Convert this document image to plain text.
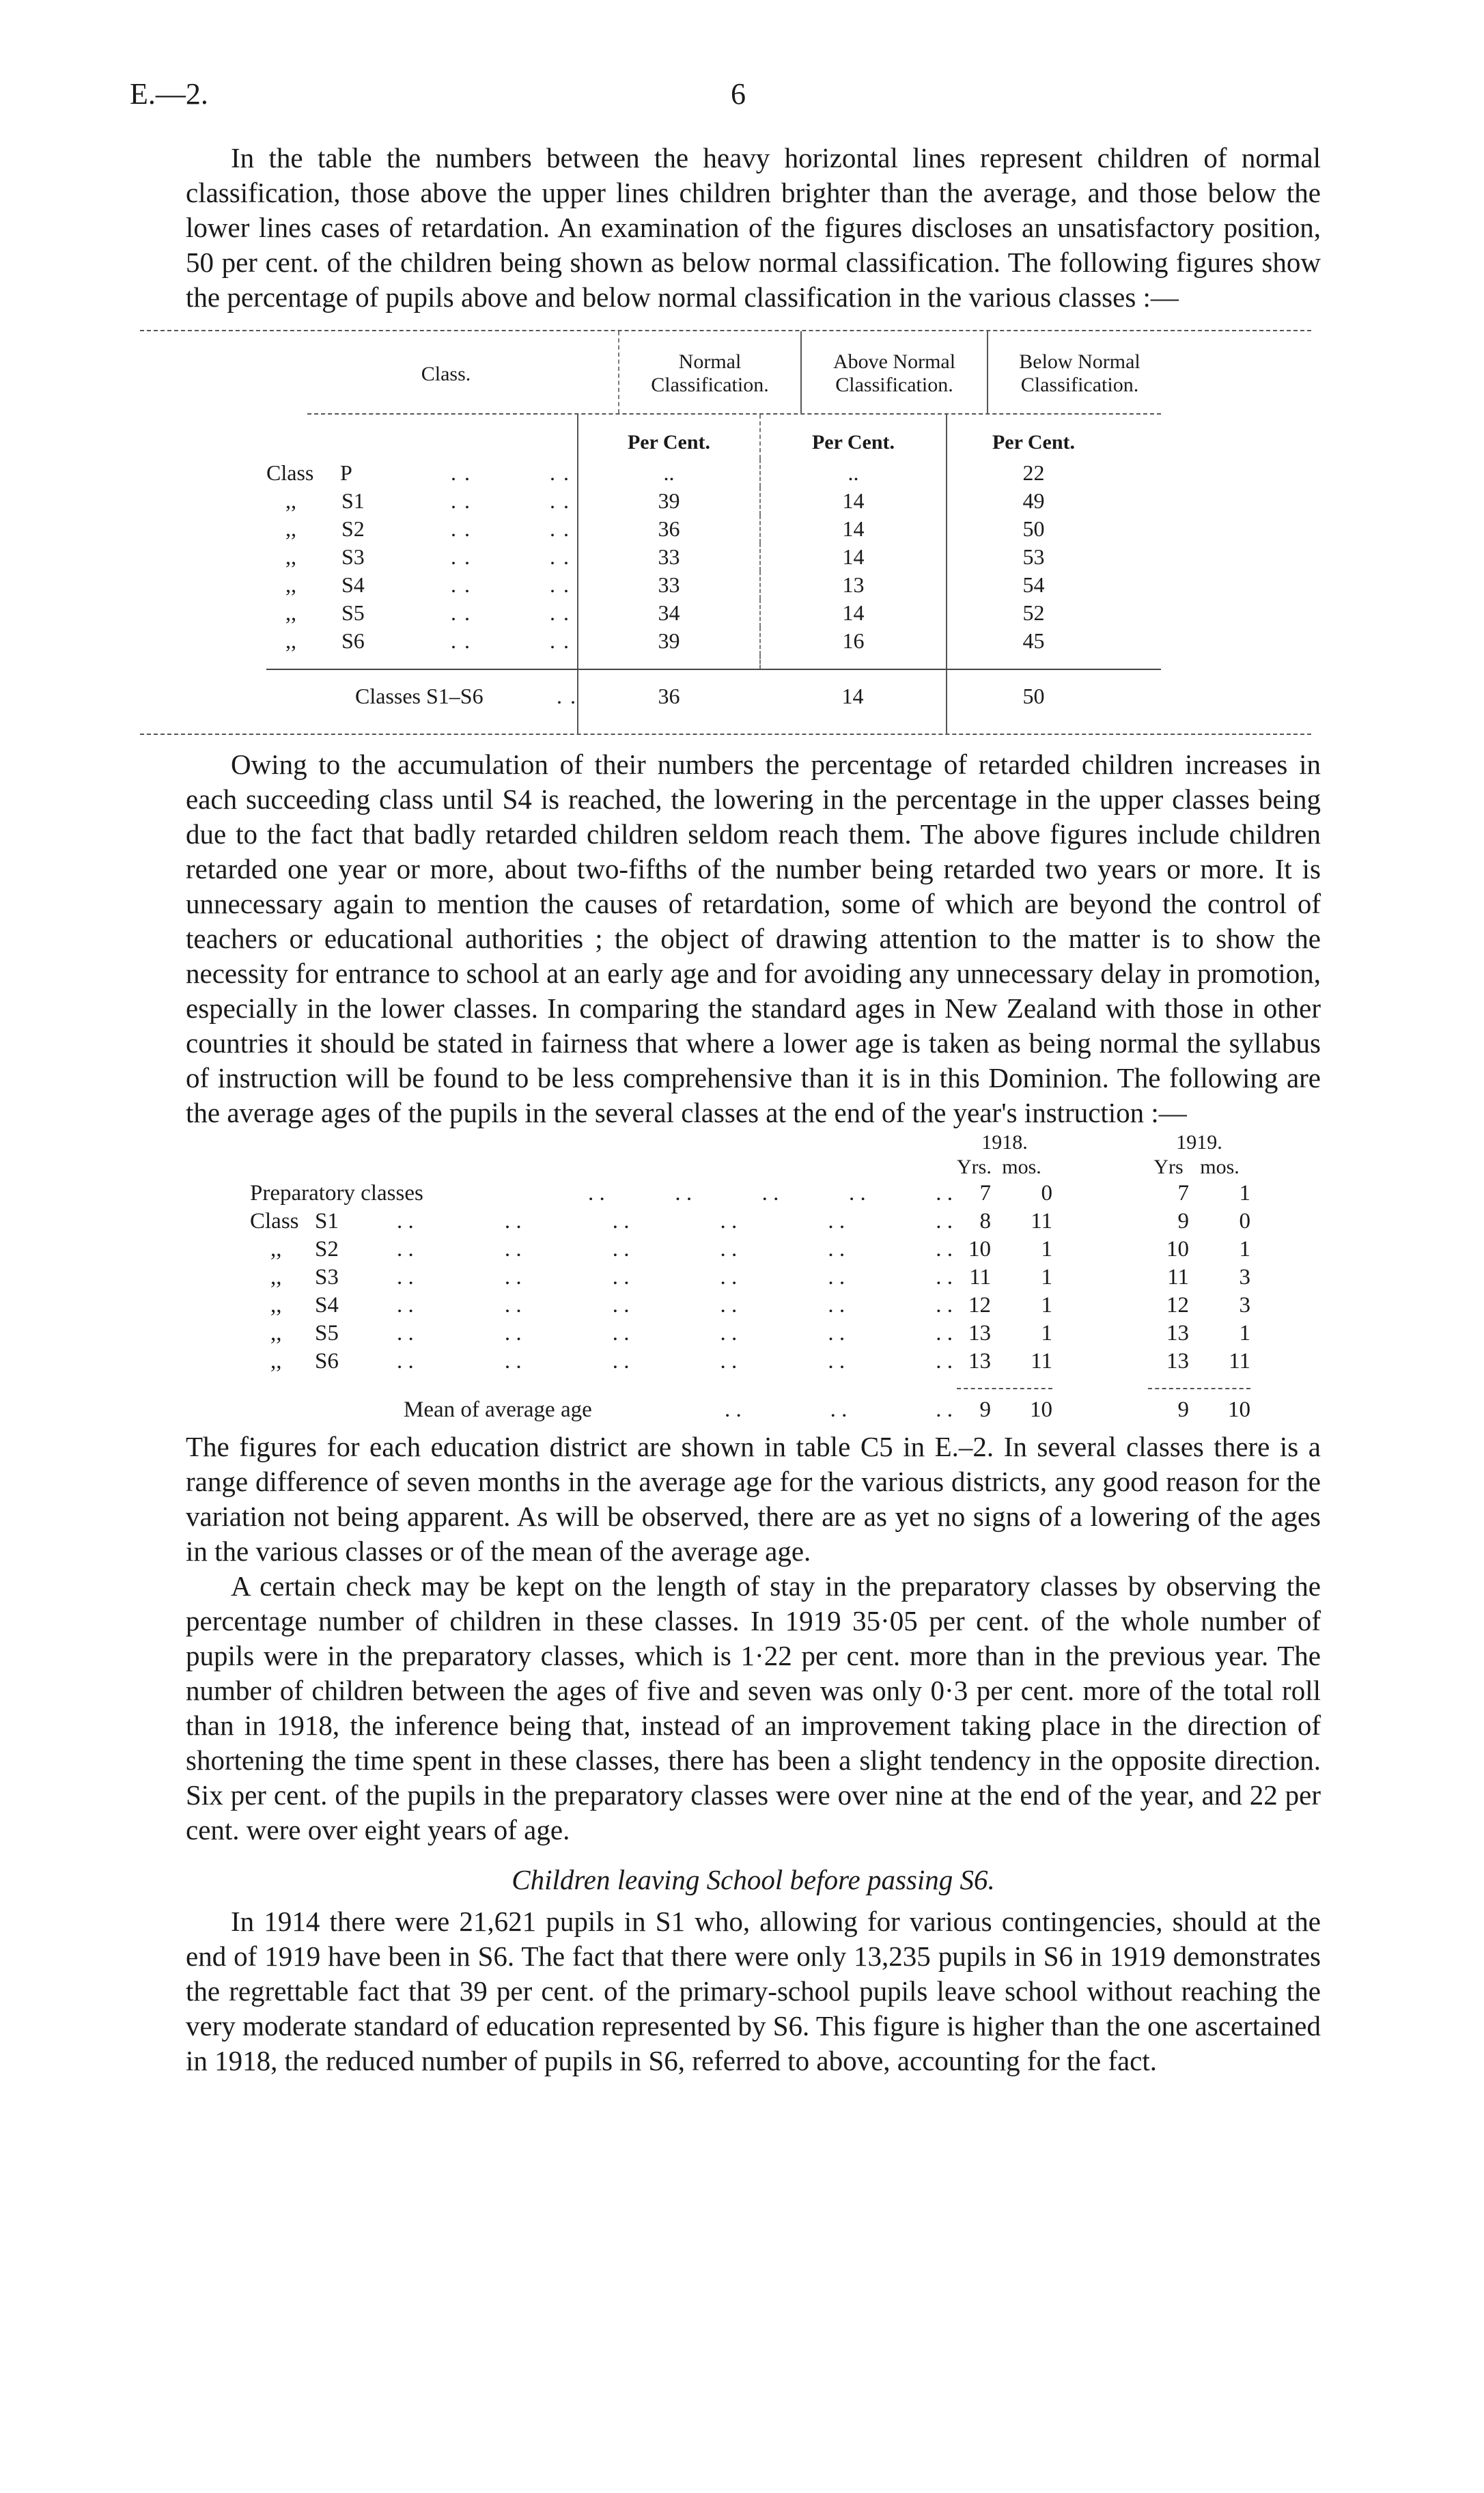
E.—2.	6

In the table the numbers between the heavy horizontal lines represent children of normal classification, those above the upper lines children brighter than the average, and those below the lower lines cases of retardation. An examination of the figures discloses an unsatisfactory position, 50 per cent. of the children being shown as below normal classification. The following figures show the percentage of pupils above and below normal classification in the various classes :—

Class.
Normal Classification.
Above Normal Classification.
Below Normal Classification.
Per Cent.	Per Cent.	Per Cent.
Class	P	. .	. .	..	..	22
,,	S1	. .	. .	39	14	49
,,	S2	. .	. .	36	14	50
,,	S3	. .	. .	33	14	53
,,	S4	. .	. .	33	13	54
,,	S5	. .	. .	34	14	52
,,	S6	. .	. .	39	16	45
Classes S1–S6	. .	36	14	50

Owing to the accumulation of their numbers the percentage of retarded children increases in each succeeding class until S4 is reached, the lowering in the percentage in the upper classes being due to the fact that badly retarded children seldom reach them. The above figures include children retarded one year or more, about two-fifths of the number being retarded two years or more. It is unnecessary again to mention the causes of retardation, some of which are beyond the control of teachers or educational authorities ; the object of drawing attention to the matter is to show the necessity for entrance to school at an early age and for avoiding any unnecessary delay in promotion, especially in the lower classes. In comparing the standard ages in New Zealand with those in other countries it should be stated in fairness that where a lower age is taken as being normal the syllabus of instruction will be found to be less comprehensive than it is in this Dominion. The following are the average ages of the pupils in the several classes at the end of the year's instruction :—

1918.	1919.
Yrs. mos.	Yrs mos.
Preparatory classes	. .	. .	. .	. .	. .	7	0	7	1
Class S1	. .	. .	. .	. .	. .	. .	8	11	9	0
,,	S2	. .	. .	. .	. .	. .	. . 10	1	10	1
,,	S3	. .	. .	. .	. .	. .	. . 11	1	11	3
,,	S4	. .	. .	. .	. .	. .	. . 12	1	12	3
,,	S5	. .	. .	. .	. .	. .	. . 13	1	13	1
,,	S6	. .	. .	. .	. .	. .	. . 13	11	13	11
Mean of average age	. .	. .	. .	9	10	9	10

The figures for each education district are shown in table C5 in E.–2. In several classes there is a range difference of seven months in the average age for the various districts, any good reason for the variation not being apparent. As will be observed, there are as yet no signs of a lowering of the ages in the various classes or of the mean of the average age.

A certain check may be kept on the length of stay in the preparatory classes by observing the percentage number of children in these classes. In 1919 35·05 per cent. of the whole number of pupils were in the preparatory classes, which is 1·22 per cent. more than in the previous year. The number of children between the ages of five and seven was only 0·3 per cent. more of the total roll than in 1918, the inference being that, instead of an improvement taking place in the direction of shortening the time spent in these classes, there has been a slight tendency in the opposite direction. Six per cent. of the pupils in the preparatory classes were over nine at the end of the year, and 22 per cent. were over eight years of age.

Children leaving School before passing S6.

In 1914 there were 21,621 pupils in S1 who, allowing for various contingencies, should at the end of 1919 have been in S6. The fact that there were only 13,235 pupils in S6 in 1919 demonstrates the regrettable fact that 39 per cent. of the primary-school pupils leave school without reaching the very moderate standard of education represented by S6. This figure is higher than the one ascertained in 1918, the reduced number of pupils in S6, referred to above, accounting for the fact.
